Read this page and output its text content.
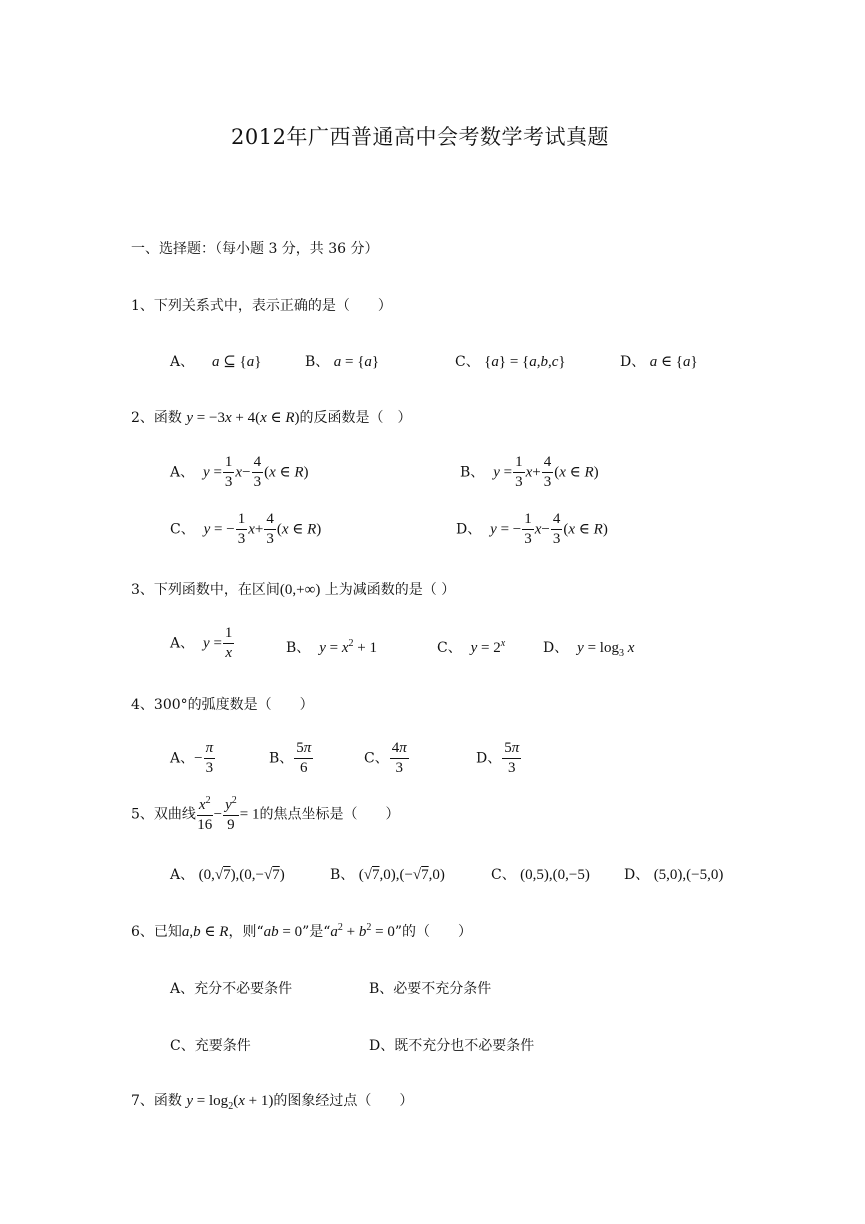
2012年广西普通高中会考数学考试真题
一、选择题：（每小题 3 分，共 36 分）
1、下列关系式中，表示正确的是（　　）
A、 a ⊆ {a}	B、 a = {a}	C、 {a} = {a,b,c}	D、 a ∈ {a}
2、函数 y = −3x + 4(x ∈ R)的反函数是（　）
A、 $y = \frac{1}{3} x- \frac{4}{3} (x$ ∈ R)	B、 $y = \frac{1}{3} x+ \frac{4}{3} (x$ ∈ R)
C、 y = − $\frac{1}{3} x+ \frac{4}{3} (x$ ∈ R)	D、 y = − $\frac{1}{3} x- \frac{4}{3} (x$ ∈ R)
3、下列函数中，在区间(0,+∞) 上为减函数的是（ ）
A、 $y = \frac{1}{x}$	B、 $y = x^2 + 1$	C、 $y = 2^x$	D、 $y = \log_3 x$
4、300°的弧度数是（　　）
A、− $\frac{\pi}{3}$	B、 $\frac{5\pi}{6}$	C、 $\frac{4\pi}{3}$	D、 $\frac{5\pi}{3}$
5、双曲线 $\frac{x^2}{16} - \frac{y^2}{9} = 1$的焦点坐标是（　　）
A、 (0,√7),(0,−√7)	B、 (√7,0),(−√7,0)	C、 (0,5),(0,−5) D、 (5,0),(−5,0)
6、已知a,b ∈ R，则“ab = 0”是“$a^2 + b^2 = 0$”的（　　）
A、充分不必要条件	B、必要不充分条件
C、充要条件	D、既不充分也不必要条件
7、函数 $y = \log_2(x + 1)$的图象经过点（　　）
